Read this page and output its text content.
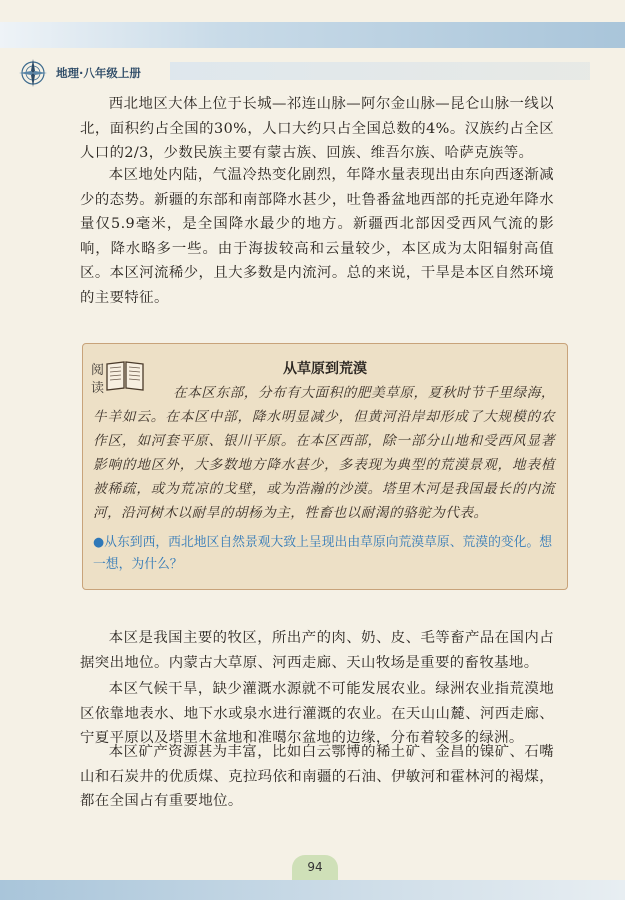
地理·八年级上册

西北地区大体上位于长城—祁连山脉—阿尔金山脉—昆仑山脉一线以北，面积约占全国的30%，人口大约只占全国总数的4%。汉族约占全区人口的2/3，少数民族主要有蒙古族、回族、维吾尔族、哈萨克族等。

本区地处内陆，气温冷热变化剧烈，年降水量表现出由东向西逐渐减少的态势。新疆的东部和南部降水甚少，吐鲁番盆地西部的托克逊年降水量仅5.9毫米，是全国降水最少的地方。新疆西北部因受西风气流的影响，降水略多一些。由于海拔较高和云量较少，本区成为太阳辐射高值区。本区河流稀少，且大多数是内流河。总的来说，干旱是本区自然环境的主要特征。

阅读
从草原到荒漠

在本区东部，分布有大面积的肥美草原，夏秋时节千里绿海，牛羊如云。在本区中部，降水明显减少，但黄河沿岸却形成了大规模的农作区，如河套平原、银川平原。在本区西部，除一部分山地和受西风显著影响的地区外，大多数地方降水甚少，多表现为典型的荒漠景观，地表植被稀疏，或为荒凉的戈壁，或为浩瀚的沙漠。塔里木河是我国最长的内流河，沿河树木以耐旱的胡杨为主，牲畜也以耐渴的骆驼为代表。

●从东到西，西北地区自然景观大致上呈现出由草原向荒漠草原、荒漠的变化。想一想，为什么？

本区是我国主要的牧区，所出产的肉、奶、皮、毛等畜产品在国内占据突出地位。内蒙古大草原、河西走廊、天山牧场是重要的畜牧基地。

本区气候干旱，缺少灌溉水源就不可能发展农业。绿洲农业指荒漠地区依靠地表水、地下水或泉水进行灌溉的农业。在天山山麓、河西走廊、宁夏平原以及塔里木盆地和准噶尔盆地的边缘，分布着较多的绿洲。

本区矿产资源甚为丰富，比如白云鄂博的稀土矿、金昌的镍矿、石嘴山和石炭井的优质煤、克拉玛依和南疆的石油、伊敏河和霍林河的褐煤，都在全国占有重要地位。

94
